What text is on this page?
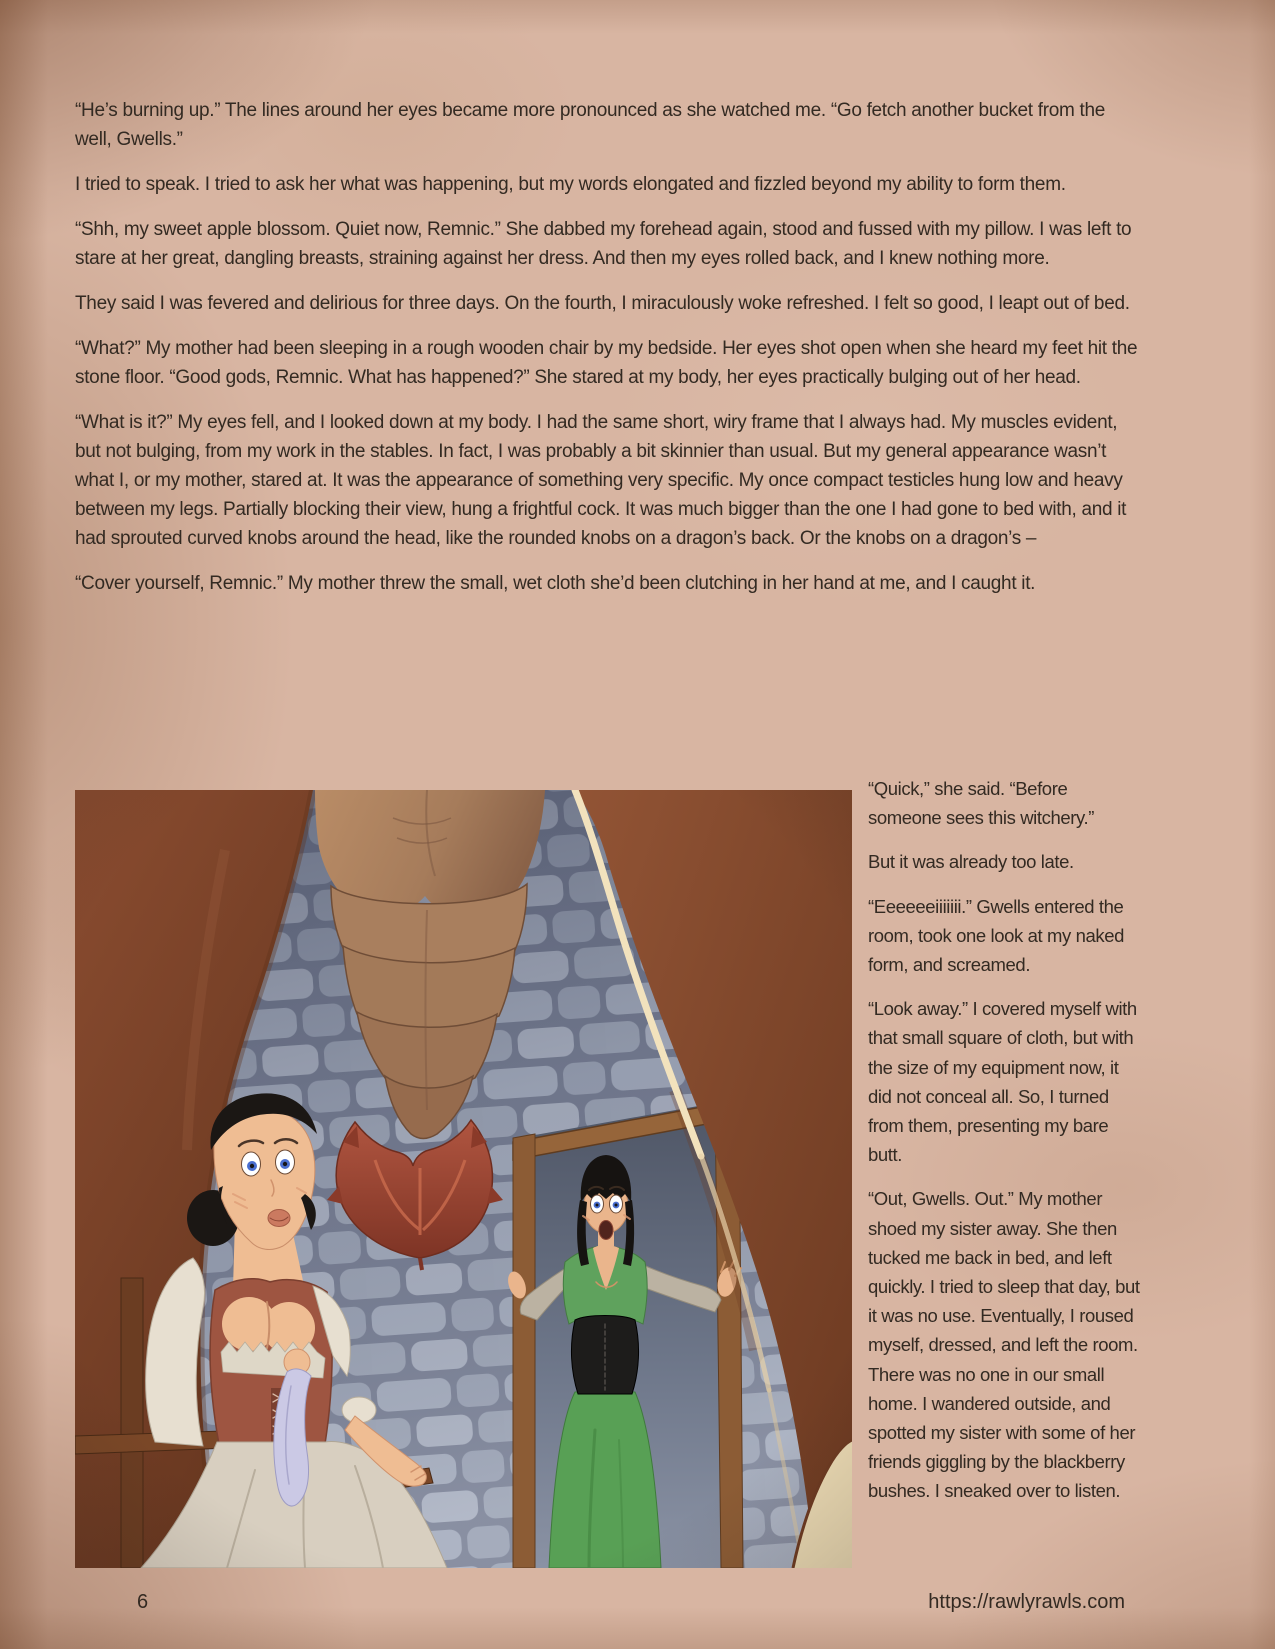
“He’s burning up.” The lines around her eyes became more pronounced as she watched me. “Go fetch another bucket from the well, Gwells.”

I tried to speak. I tried to ask her what was happening, but my words elongated and fizzled beyond my ability to form them.

“Shh, my sweet apple blossom. Quiet now, Remnic.” She dabbed my forehead again, stood and fussed with my pillow. I was left to stare at her great, dangling breasts, straining against her dress. And then my eyes rolled back, and I knew nothing more.

They said I was fevered and delirious for three days. On the fourth, I miraculously woke refreshed. I felt so good, I leapt out of bed.

“What?” My mother had been sleeping in a rough wooden chair by my bedside. Her eyes shot open when she heard my feet hit the stone floor. “Good gods, Remnic. What has happened?” She stared at my body, her eyes practically bulging out of her head.

“What is it?” My eyes fell, and I looked down at my body. I had the same short, wiry frame that I always had. My muscles evident, but not bulging, from my work in the stables. In fact, I was probably a bit skinnier than usual. But my general appearance wasn’t what I, or my mother, stared at. It was the appearance of something very specific. My once compact testicles hung low and heavy between my legs. Partially blocking their view, hung a frightful cock. It was much bigger than the one I had gone to bed with, and it had sprouted curved knobs around the head, like the rounded knobs on a dragon’s back. Or the knobs on a dragon’s –

“Cover yourself, Remnic.” My mother threw the small, wet cloth she’d been clutching in her hand at me, and I caught it.

“Quick,” she said. “Before someone sees this witchery.”

But it was already too late.

“Eeeeeeiiiiiii.” Gwells entered the room, took one look at my naked form, and screamed.

“Look away.” I covered myself with that small square of cloth, but with the size of my equipment now, it did not conceal all. So, I turned from them, presenting my bare butt.

“Out, Gwells. Out.” My mother shoed my sister away. She then tucked me back in bed, and left quickly. I tried to sleep that day, but it was no use. Eventually, I roused myself, dressed, and left the room. There was no one in our small home. I wandered outside, and spotted my sister with some of her friends giggling by the blackberry bushes. I sneaked over to listen.

6	https://rawlyrawls.com
